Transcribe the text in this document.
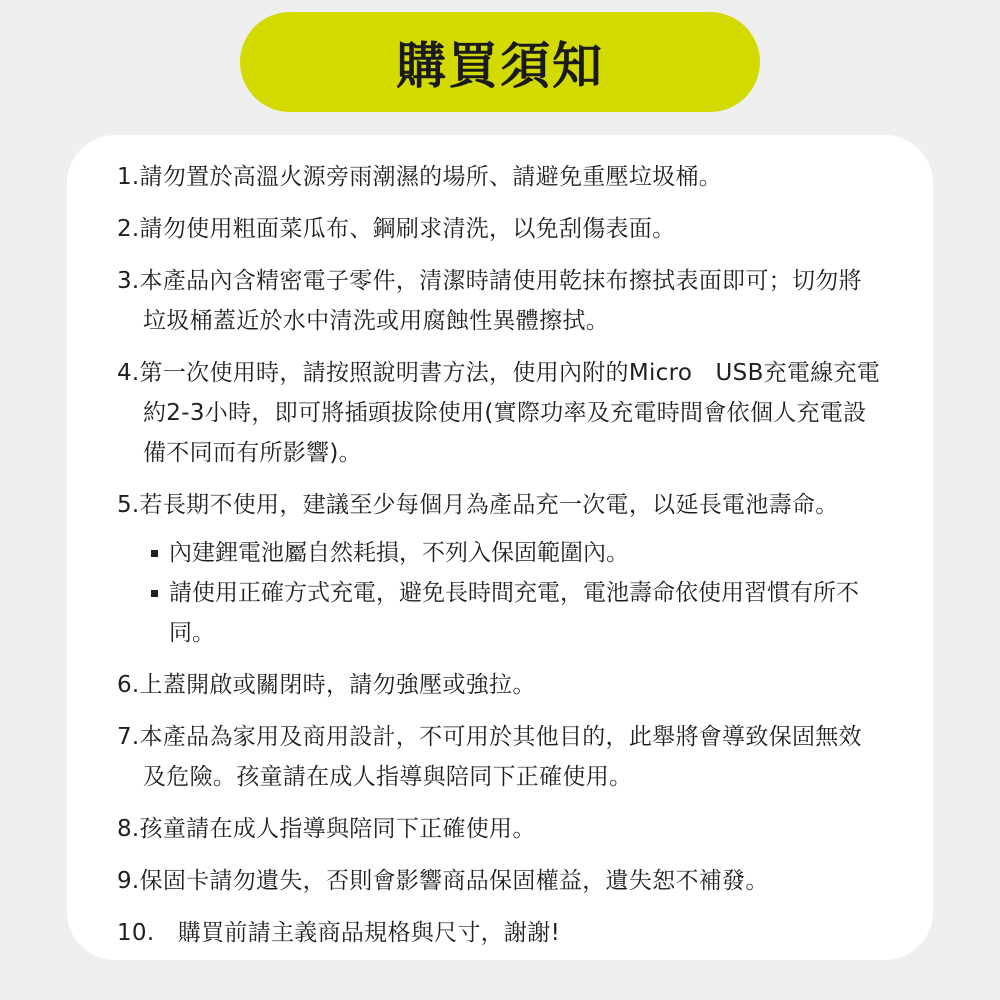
購買須知
1.請勿置於高溫火源旁雨潮濕的場所、請避免重壓垃圾桶。
2.請勿使用粗面菜瓜布、鋼刷求清洗，以免刮傷表面。
3.本產品內含精密電子零件，清潔時請使用乾抹布擦拭表面即可；切勿將垃圾桶蓋近於水中清洗或用腐蝕性異體擦拭。
4.第一次使用時，請按照說明書方法，使用內附的Micro　USB充電線充電約2-3小時，即可將插頭拔除使用(實際功率及充電時間會依個人充電設備不同而有所影響)。
5.若長期不使用，建議至少每個月為產品充一次電，以延長電池壽命。
內建鋰電池屬自然耗損，不列入保固範圍內。
請使用正確方式充電，避免長時間充電，電池壽命依使用習慣有所不同。
6.上蓋開啟或關閉時，請勿強壓或強拉。
7.本產品為家用及商用設計，不可用於其他目的，此舉將會導致保固無效及危險。孩童請在成人指導與陪同下正確使用。
8.孩童請在成人指導與陪同下正確使用。
9.保固卡請勿遺失，否則會影響商品保固權益，遺失恕不補發。
10.　購買前請主義商品規格與尺寸，謝謝!
